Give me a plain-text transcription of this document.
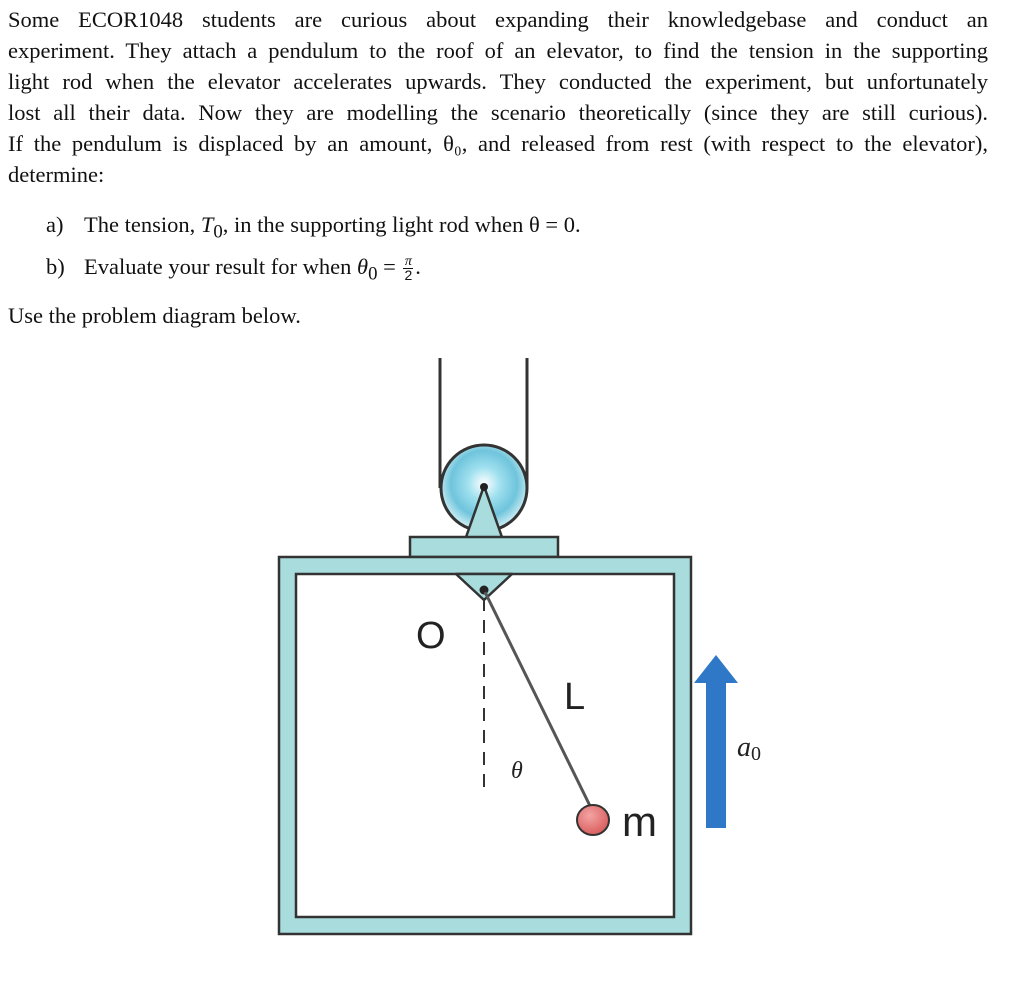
Some ECOR1048 students are curious about expanding their knowledgebase and conduct an
experiment. They attach a pendulum to the roof of an elevator, to find the tension in the supporting
light rod when the elevator accelerates upwards. They conducted the experiment, but unfortunately
lost all their data. Now they are modelling the scenario theoretically (since they are still curious).
If the pendulum is displaced by an amount, θ₀, and released from rest (with respect to the elevator),
determine:
a) The tension, $T_0$, in the supporting light rod when θ = 0.
b) Evaluate your result for when $\theta_0 = \frac{\pi}{2}$ .
Use the problem diagram below.
O
L
θ
m
a0
